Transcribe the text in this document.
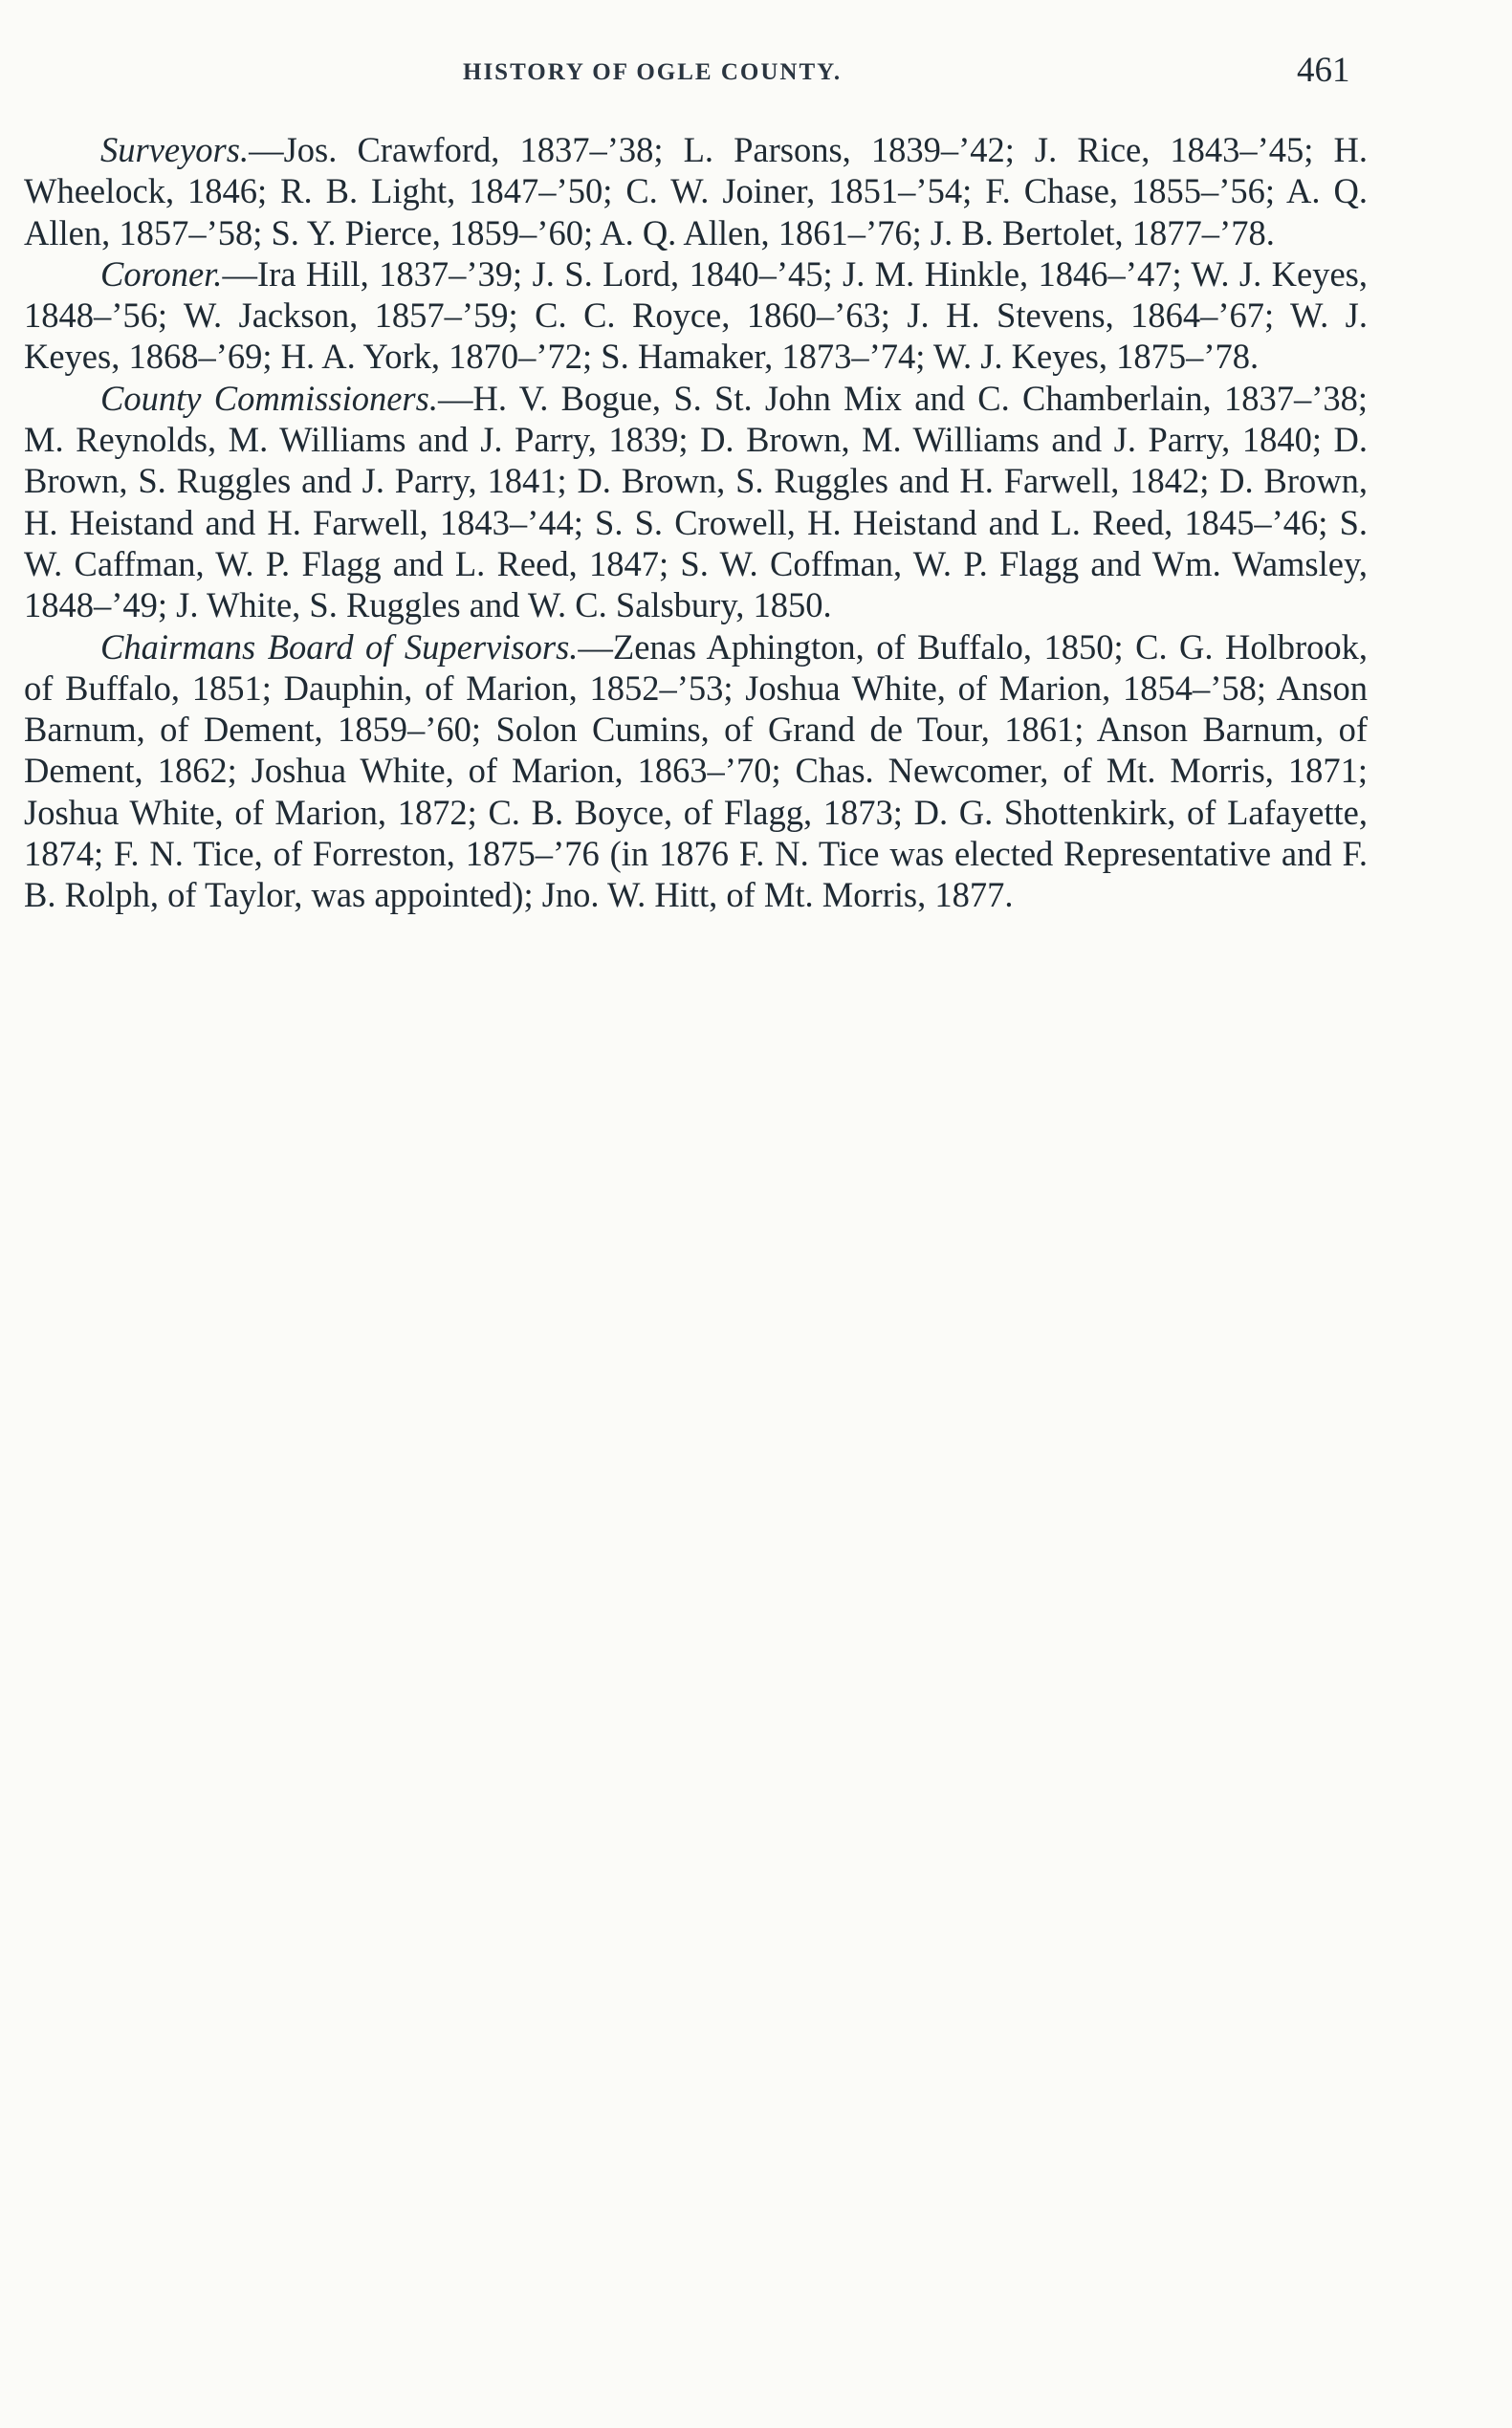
HISTORY OF OGLE COUNTY.	461

Surveyors.—Jos. Crawford, 1837–’38; L. Parsons, 1839–’42; J. Rice, 1843–’45; H. Wheelock, 1846; R. B. Light, 1847–’50; C. W. Joiner, 1851–’54; F. Chase, 1855–’56; A. Q. Allen, 1857–’58; S. Y. Pierce, 1859–’60; A. Q. Allen, 1861–’76; J. B. Bertolet, 1877–’78.

Coroner.—Ira Hill, 1837–’39; J. S. Lord, 1840–’45; J. M. Hinkle, 1846–’47; W. J. Keyes, 1848–’56; W. Jackson, 1857–’59; C. C. Royce, 1860–’63; J. H. Stevens, 1864–’67; W. J. Keyes, 1868–’69; H. A. York, 1870–’72; S. Hamaker, 1873–’74; W. J. Keyes, 1875–’78.

County Commissioners.—H. V. Bogue, S. St. John Mix and C. Chamberlain, 1837–’38; M. Reynolds, M. Williams and J. Parry, 1839; D. Brown, M. Williams and J. Parry, 1840; D. Brown, S. Ruggles and J. Parry, 1841; D. Brown, S. Ruggles and H. Farwell, 1842; D. Brown, H. Heistand and H. Farwell, 1843–’44; S. S. Crowell, H. Heistand and L. Reed, 1845–’46; S. W. Caffman, W. P. Flagg and L. Reed, 1847; S. W. Coffman, W. P. Flagg and Wm. Wamsley, 1848–’49; J. White, S. Ruggles and W. C. Salsbury, 1850.

Chairmans Board of Supervisors.—Zenas Aphington, of Buffalo, 1850; C. G. Holbrook, of Buffalo, 1851; Dauphin, of Marion, 1852–’53; Joshua White, of Marion, 1854–’58; Anson Barnum, of Dement, 1859–’60; Solon Cumins, of Grand de Tour, 1861; Anson Barnum, of Dement, 1862; Joshua White, of Marion, 1863–’70; Chas. Newcomer, of Mt. Morris, 1871; Joshua White, of Marion, 1872; C. B. Boyce, of Flagg, 1873; D. G. Shottenkirk, of Lafayette, 1874; F. N. Tice, of Forreston, 1875–’76 (in 1876 F. N. Tice was elected Representative and F. B. Rolph, of Taylor, was appointed); Jno. W. Hitt, of Mt. Morris, 1877.
